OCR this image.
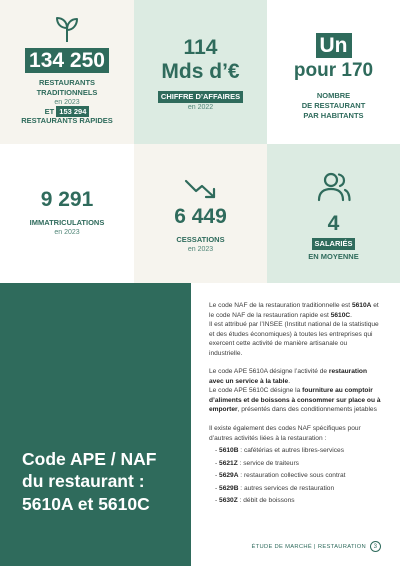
134 250
RESTAURANTS TRADITIONNELS
en 2023
ET 153 294
RESTAURANTS RAPIDES
114
Mds d’€
CHIFFRE D’AFFAIRES
en 2022
Un
pour 170
NOMBRE
DE RESTAURANT
PAR HABITANTS
9 291
IMMATRICULATIONS
en 2023
6 449
CESSATIONS
en 2023
4
SALARIÉS
EN MOYENNE
Code APE / NAF
du restaurant :
5610A et 5610C

Le code NAF de la restauration traditionnelle est 5610A et le code NAF de la restauration rapide est 5610C.
Il est attribué par l’INSEE (Institut national de la statistique et des études économiques) à toutes les entreprises qui exercent cette activité de manière artisanale ou industrielle.

Le code APE 5610A désigne l’activité de restauration avec un service à la table.
Le code APE 5610C désigne la fourniture au comptoir d’aliments et de boissons à consommer sur place ou à emporter, présentés dans des conditionnements jetables

Il existe également des codes NAF spécifiques pour d’autres activités liées à la restauration :

- 5610B : cafétérias et autres libres-services
- 5621Z : service de traiteurs
- 5629A : restauration collective sous contrat
- 5629B : autres services de restauration
- 5630Z : débit de boissons
ÉTUDE DE MARCHÉ | RESTAURATION	3
